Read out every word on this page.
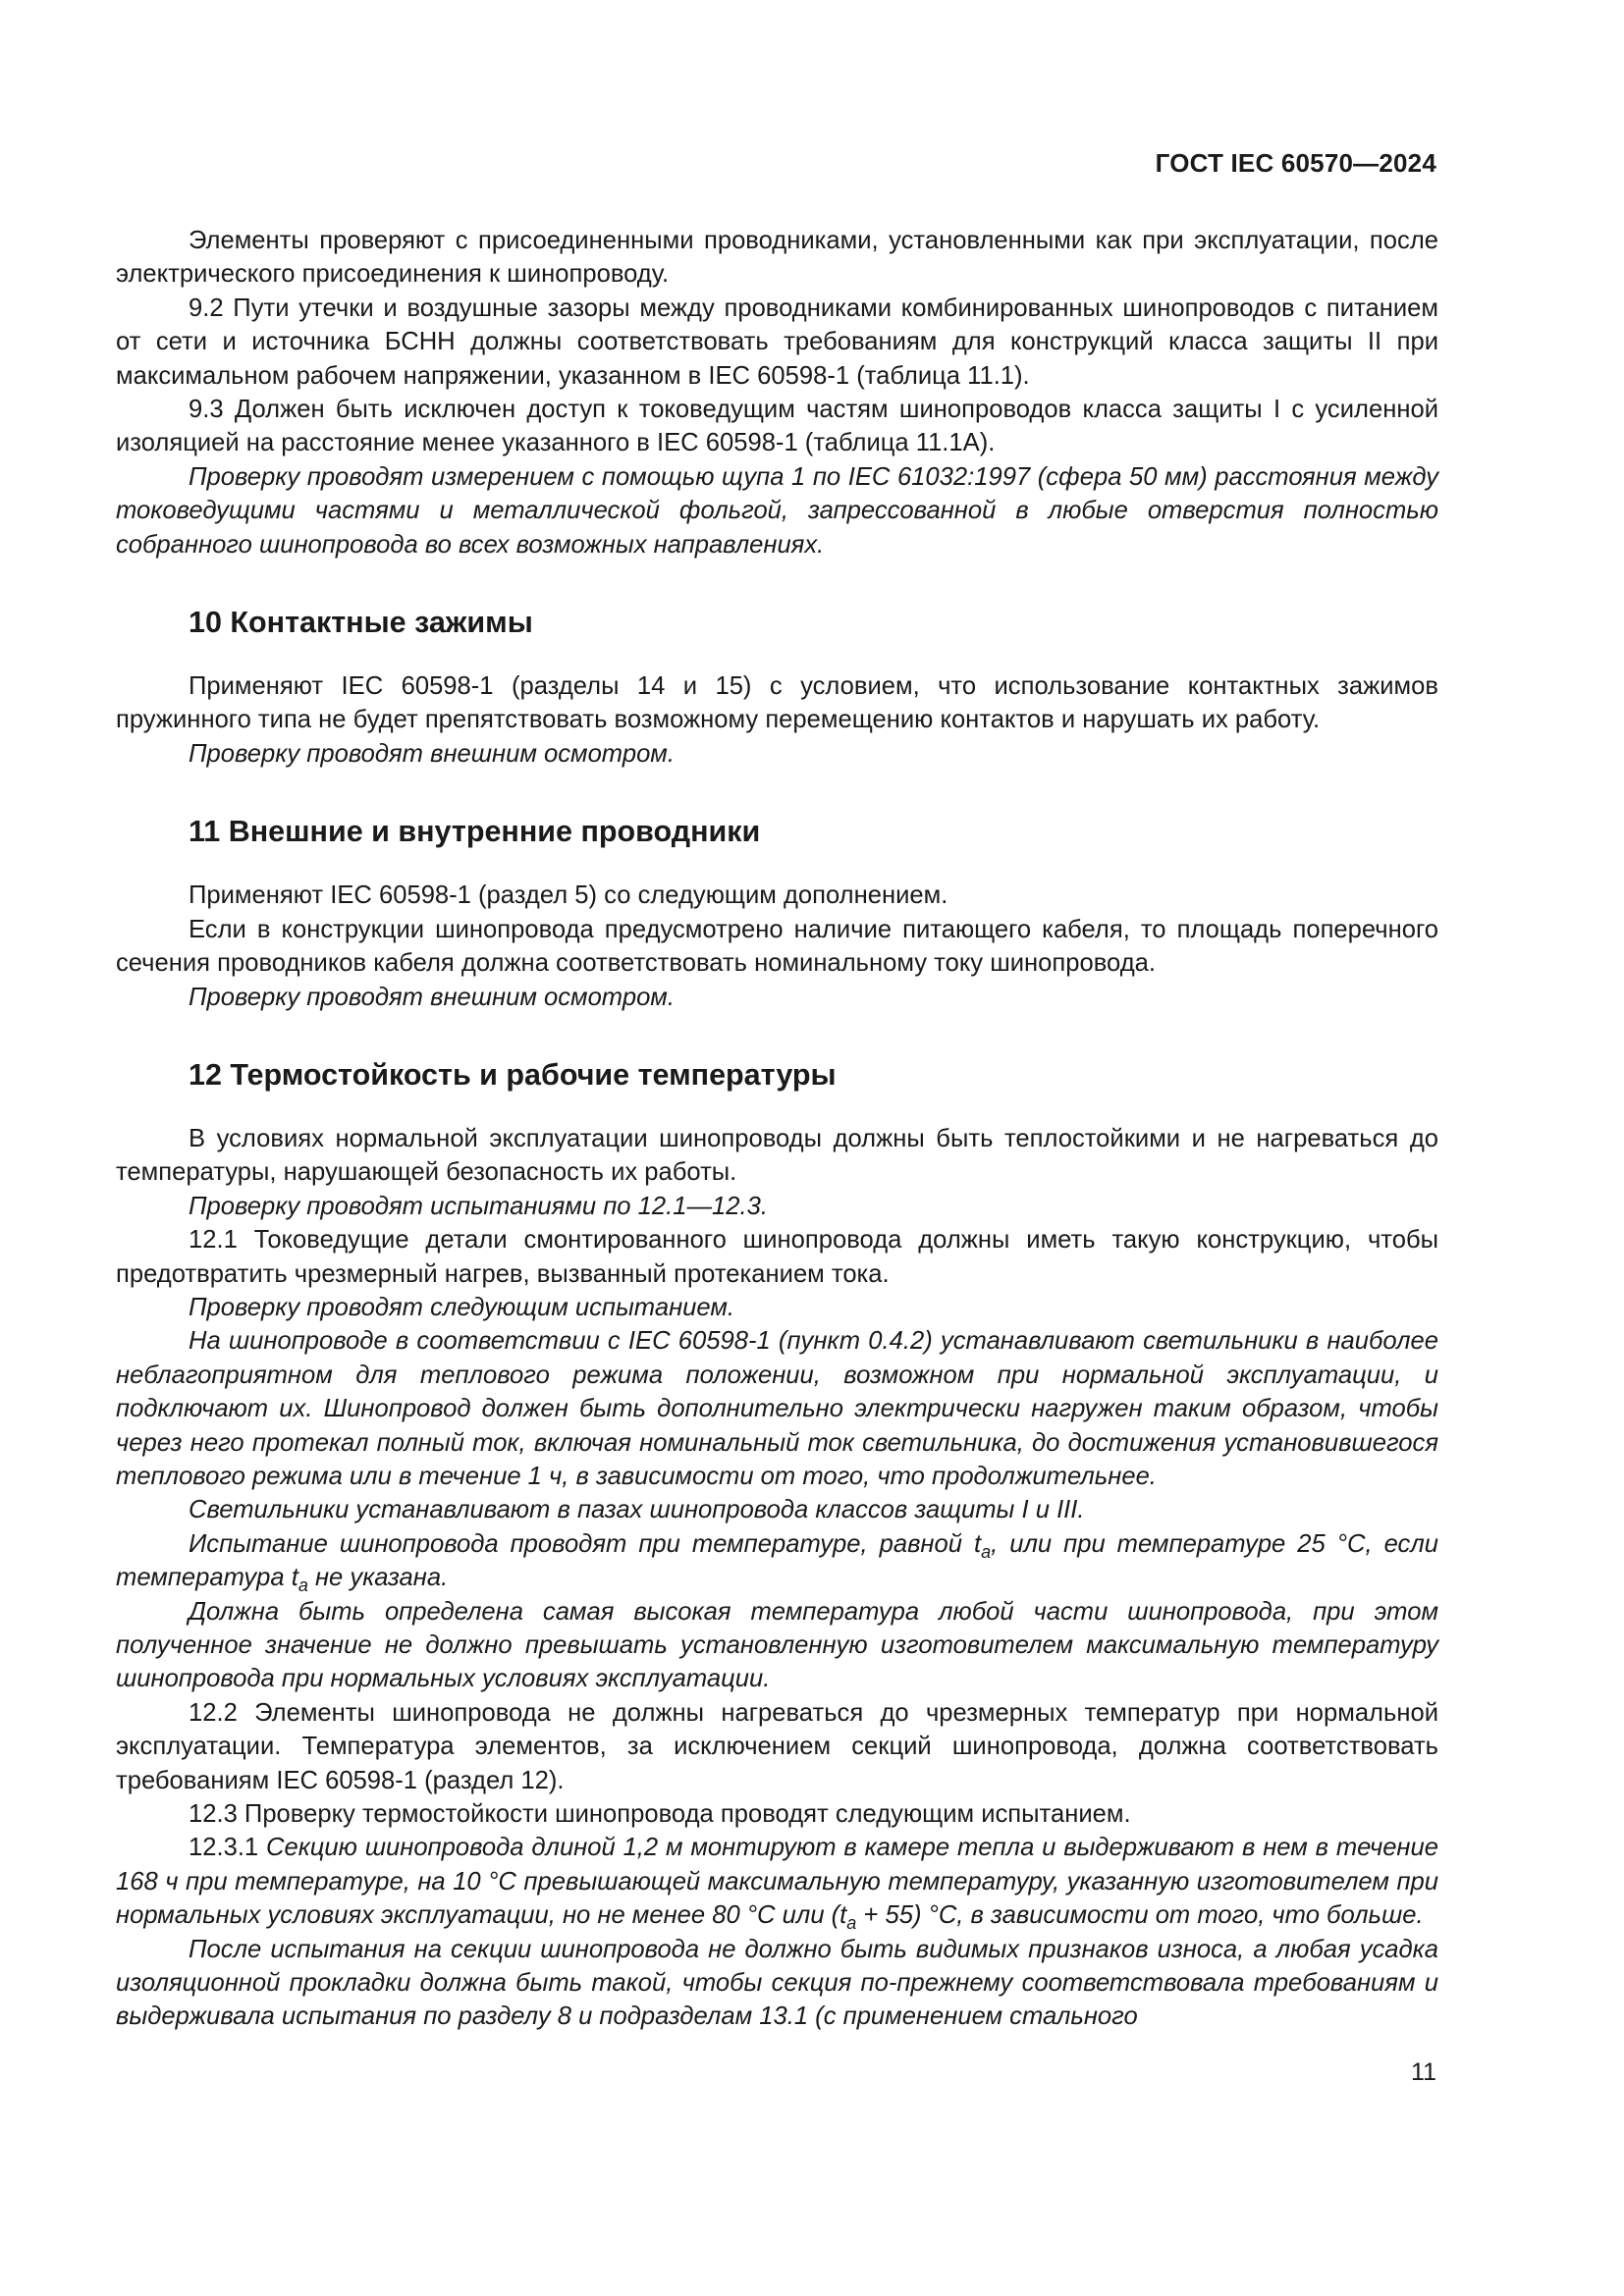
ГОСТ IEC 60570—2024

Элементы проверяют с присоединенными проводниками, установленными как при эксплуатации, после электрического присоединения к шинопроводу.

9.2 Пути утечки и воздушные зазоры между проводниками комбинированных шинопроводов с питанием от сети и источника БСНН должны соответствовать требованиям для конструкций класса защиты II при максимальном рабочем напряжении, указанном в IEC 60598-1 (таблица 11.1).

9.3 Должен быть исключен доступ к токоведущим частям шинопроводов класса защиты I с усиленной изоляцией на расстояние менее указанного в IEC 60598-1 (таблица 11.1А).

Проверку проводят измерением с помощью щупа 1 по IEC 61032:1997 (сфера 50 мм) расстояния между токоведущими частями и металлической фольгой, запрессованной в любые отверстия полностью собранного шинопровода во всех возможных направлениях.

10 Контактные зажимы

Применяют IEC 60598-1 (разделы 14 и 15) с условием, что использование контактных зажимов пружинного типа не будет препятствовать возможному перемещению контактов и нарушать их работу.

Проверку проводят внешним осмотром.

11 Внешние и внутренние проводники

Применяют IEC 60598-1 (раздел 5) со следующим дополнением.

Если в конструкции шинопровода предусмотрено наличие питающего кабеля, то площадь поперечного сечения проводников кабеля должна соответствовать номинальному току шинопровода.

Проверку проводят внешним осмотром.

12 Термостойкость и рабочие температуры

В условиях нормальной эксплуатации шинопроводы должны быть теплостойкими и не нагреваться до температуры, нарушающей безопасность их работы.

Проверку проводят испытаниями по 12.1—12.3.

12.1 Токоведущие детали смонтированного шинопровода должны иметь такую конструкцию, чтобы предотвратить чрезмерный нагрев, вызванный протеканием тока.

Проверку проводят следующим испытанием.

На шинопроводе в соответствии с IEC 60598-1 (пункт 0.4.2) устанавливают светильники в наиболее неблагоприятном для теплового режима положении, возможном при нормальной эксплуатации, и подключают их. Шинопровод должен быть дополнительно электрически нагружен таким образом, чтобы через него протекал полный ток, включая номинальный ток светильника, до достижения установившегося теплового режима или в течение 1 ч, в зависимости от того, что продолжительнее.

Светильники устанавливают в пазах шинопровода классов защиты I и III.

Испытание шинопровода проводят при температуре, равной $t_a$, или при температуре 25 °С, если температура $t_a$ не указана.

Должна быть определена самая высокая температура любой части шинопровода, при этом полученное значение не должно превышать установленную изготовителем максимальную температуру шинопровода при нормальных условиях эксплуатации.

12.2 Элементы шинопровода не должны нагреваться до чрезмерных температур при нормальной эксплуатации. Температура элементов, за исключением секций шинопровода, должна соответствовать требованиям IEC 60598-1 (раздел 12).

12.3 Проверку термостойкости шинопровода проводят следующим испытанием.

12.3.1 Секцию шинопровода длиной 1,2 м монтируют в камере тепла и выдерживают в нем в течение 168 ч при температуре, на 10 °С превышающей максимальную температуру, указанную изготовителем при нормальных условиях эксплуатации, но не менее 80 °С или $(t_a + 55)$ °С, в зависимости от того, что больше.

После испытания на секции шинопровода не должно быть видимых признаков износа, а любая усадка изоляционной прокладки должна быть такой, чтобы секция по-прежнему соответствовала требованиям и выдерживала испытания по разделу 8 и подразделам 13.1 (с применением стального

11
